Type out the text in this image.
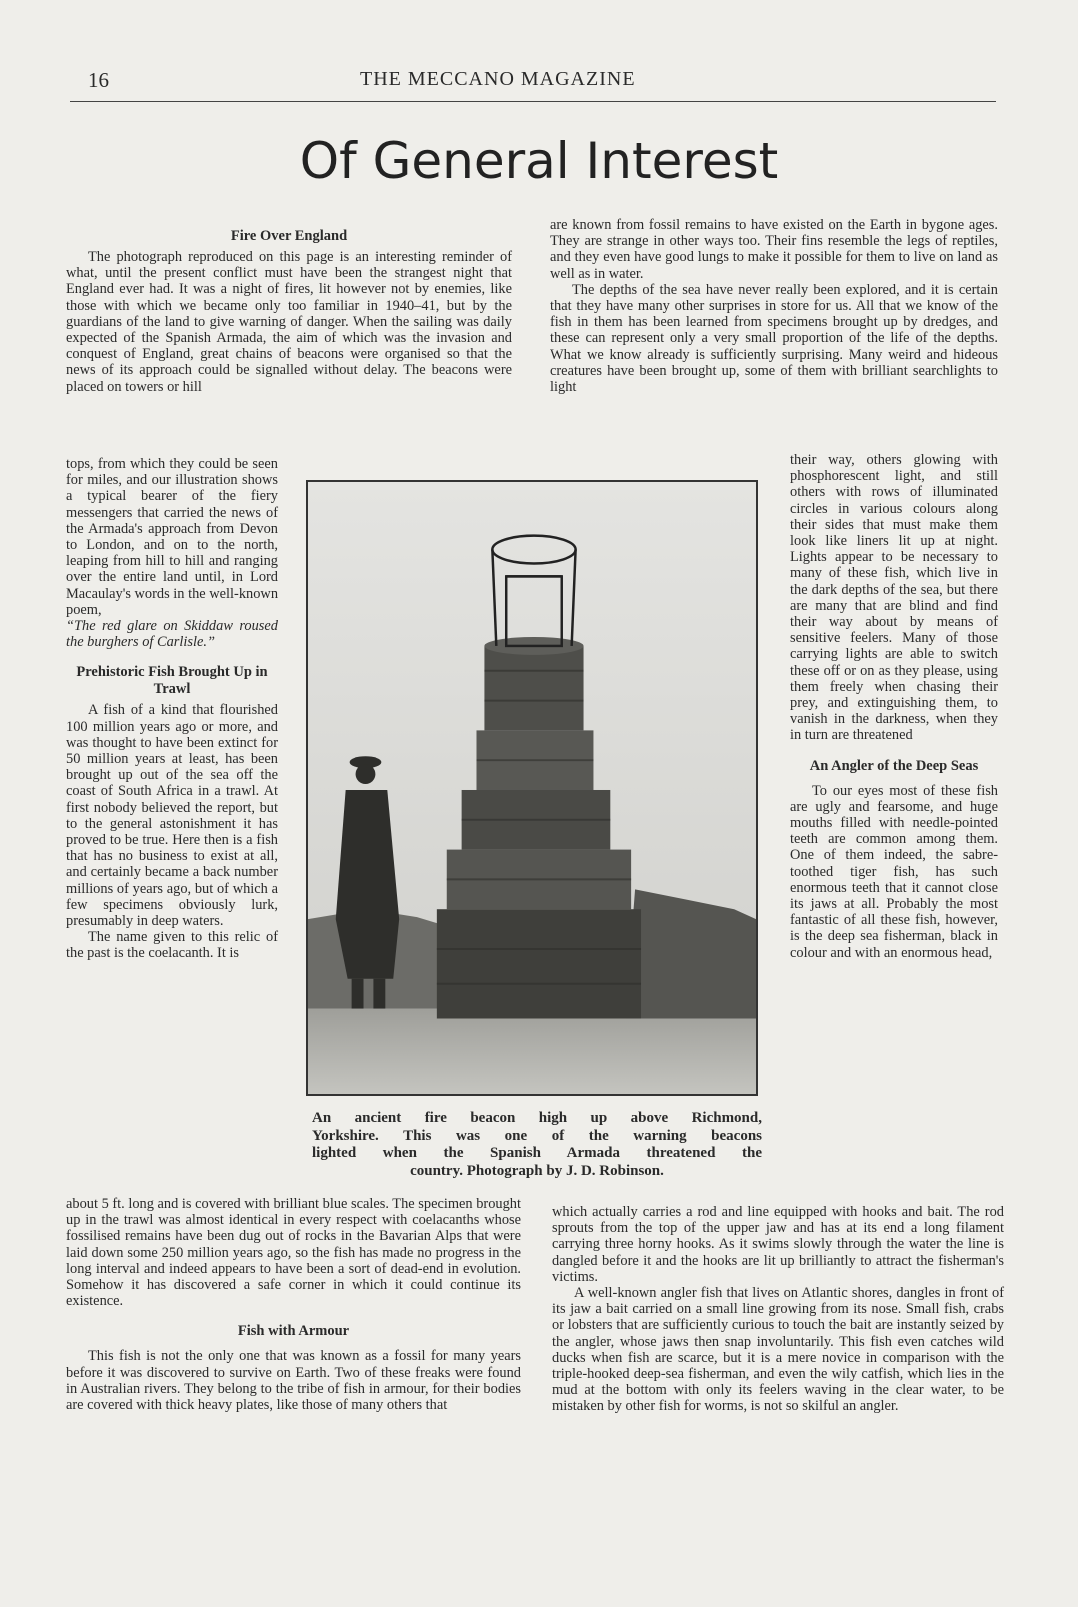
16	THE MECCANO MAGAZINE
Of General Interest
Fire Over England

The photograph reproduced on this page is an interesting reminder of what, until the present conflict must have been the strangest night that England ever had. It was a night of fires, lit however not by enemies, like those with which we became only too familiar in 1940–41, but by the guardians of the land to give warning of danger. When the sailing was daily expected of the Spanish Armada, the aim of which was the invasion and conquest of England, great chains of beacons were organised so that the news of its approach could be signalled without delay. The beacons were placed on towers or hill

tops, from which they could be seen for miles, and our illustration shows a typical bearer of the fiery messengers that carried the news of the Armada's approach from Devon to London, and on to the north, leaping from hill to hill and ranging over the entire land until, in Lord Macaulay's words in the well-known poem,

“The red glare on Skiddaw roused the burghers of Carlisle.”

Prehistoric Fish Brought Up in Trawl

A fish of a kind that flourished 100 million years ago or more, and was thought to have been extinct for 50 million years at least, has been brought up out of the sea off the coast of South Africa in a trawl. At first nobody believed the report, but to the general astonishment it has proved to be true. Here then is a fish that has no business to exist at all, and certainly became a back number millions of years ago, but of which a few specimens obviously lurk, presumably in deep waters.

The name given to this relic of the past is the coelacanth. It is

about 5 ft. long and is covered with brilliant blue scales. The specimen brought up in the trawl was almost identical in every respect with coelacanths whose fossilised remains have been dug out of rocks in the Bavarian Alps that were laid down some 250 million years ago, so the fish has made no progress in the long interval and indeed appears to have been a sort of dead-end in evolution. Somehow it has discovered a safe corner in which it could continue its existence.

Fish with Armour

This fish is not the only one that was known as a fossil for many years before it was discovered to survive on Earth. Two of these freaks were found in Australian rivers. They belong to the tribe of fish in armour, for their bodies are covered with thick heavy plates, like those of many others that

are known from fossil remains to have existed on the Earth in bygone ages. They are strange in other ways too. Their fins resemble the legs of reptiles, and they even have good lungs to make it possible for them to live on land as well as in water.

The depths of the sea have never really been explored, and it is certain that they have many other surprises in store for us. All that we know of the fish in them has been learned from specimens brought up by dredges, and these can represent only a very small proportion of the life of the depths. What we know already is sufficiently surprising. Many weird and hideous creatures have been brought up, some of them with brilliant searchlights to light

their way, others glowing with phosphorescent light, and still others with rows of illuminated circles in various colours along their sides that must make them look like liners lit up at night. Lights appear to be necessary to many of these fish, which live in the dark depths of the sea, but there are many that are blind and find their way about by means of sensitive feelers. Many of those carrying lights are able to switch these off or on as they please, using them freely when chasing their prey, and extinguishing them, to vanish in the darkness, when they in turn are threatened

An Angler of the Deep Seas

To our eyes most of these fish are ugly and fearsome, and huge mouths filled with needle-pointed teeth are common among them. One of them indeed, the sabre-toothed tiger fish, has such enormous teeth that it cannot close its jaws at all. Probably the most fantastic of all these fish, however, is the deep sea fisherman, black in colour and with an enormous head,

which actually carries a rod and line equipped with hooks and bait. The rod sprouts from the top of the upper jaw and has at its end a long filament carrying three horny hooks. As it swims slowly through the water the line is dangled before it and the hooks are lit up brilliantly to attract the fisherman's victims.

A well-known angler fish that lives on Atlantic shores, dangles in front of its jaw a bait carried on a small line growing from its nose. Small fish, crabs or lobsters that are sufficiently curious to touch the bait are instantly seized by the angler, whose jaws then snap involuntarily. This fish even catches wild ducks when fish are scarce, but it is a mere novice in comparison with the triple-hooked deep-sea fisherman, and even the wily catfish, which lies in the mud at the bottom with only its feelers waving in the clear water, to be mistaken by other fish for worms, is not so skilful an angler.

An ancient fire beacon high up above Richmond,
Yorkshire. This was one of the warning beacons
lighted when the Spanish Armada threatened the
country. Photograph by J. D. Robinson.
